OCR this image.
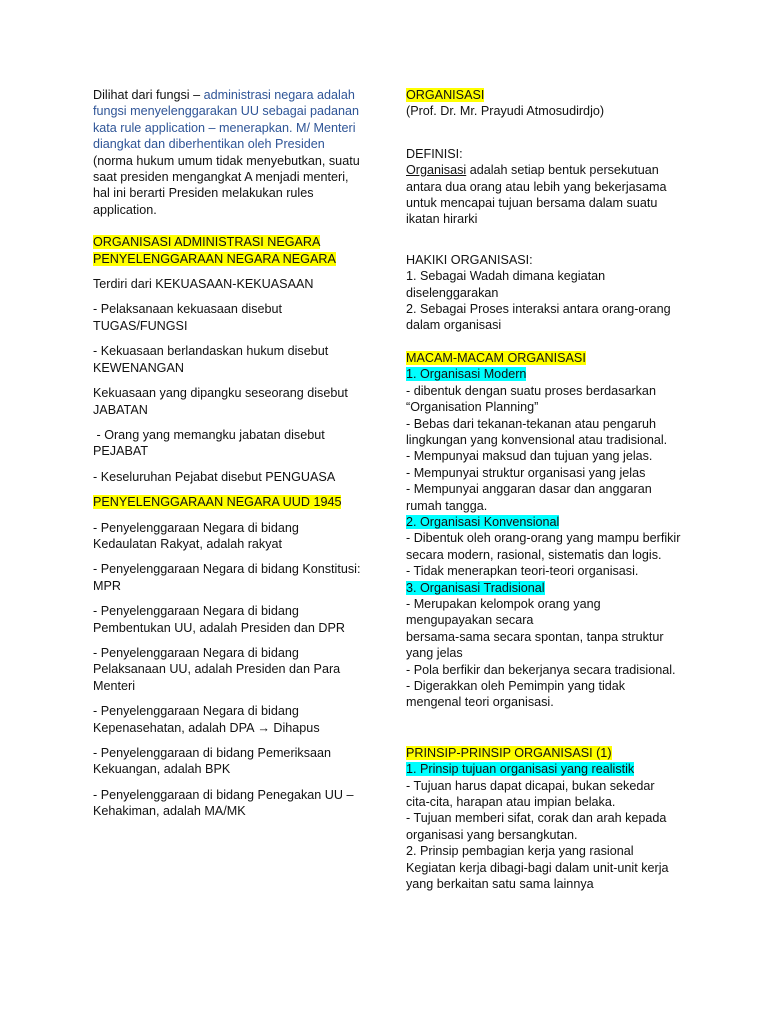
Dilihat dari fungsi – administrasi negara adalah fungsi menyelenggarakan UU sebagai padanan kata rule application – menerapkan. M/ Menteri diangkat dan diberhentikan oleh Presiden (norma hukum umum tidak menyebutkan, suatu saat presiden mengangkat A menjadi menteri, hal ini berarti Presiden melakukan rules application.

ORGANISASI ADMINISTRASI NEGARA
PENYELENGGARAAN NEGARA NEGARA

Terdiri dari KEKUASAAN-KEKUASAAN

- Pelaksanaan kekuasaan disebut TUGAS/FUNGSI

- Kekuasaan berlandaskan hukum disebut KEWENANGAN

Kekuasaan yang dipangku seseorang disebut JABATAN

- Orang yang memangku jabatan disebut PEJABAT

- Keseluruhan Pejabat disebut PENGUASA

PENYELENGGARAAN NEGARA UUD 1945

- Penyelenggaraan Negara di bidang Kedaulatan Rakyat, adalah rakyat

- Penyelenggaraan Negara di bidang Konstitusi: MPR

- Penyelenggaraan Negara di bidang Pembentukan UU, adalah Presiden dan DPR

- Penyelenggaraan Negara di bidang Pelaksanaan UU, adalah Presiden dan Para Menteri

- Penyelenggaraan Negara di bidang Kepenasehatan, adalah DPA → Dihapus

- Penyelenggaraan di bidang Pemeriksaan Kekuangan, adalah BPK

- Penyelenggaraan di bidang Penegakan UU – Kehakiman, adalah MA/MK

ORGANISASI

(Prof. Dr. Mr. Prayudi Atmosudirdjo)

DEFINISI:

Organisasi adalah setiap bentuk persekutuan antara dua orang atau lebih yang bekerjasama untuk mencapai tujuan bersama dalam suatu ikatan hirarki

HAKIKI ORGANISASI:

1. Sebagai Wadah dimana kegiatan diselenggarakan

2. Sebagai Proses interaksi antara orang-orang dalam organisasi

MACAM-MACAM ORGANISASI

1. Organisasi Modern

- dibentuk dengan suatu proses berdasarkan “Organisation Planning”

- Bebas dari tekanan-tekanan atau pengaruh lingkungan yang konvensional atau tradisional.

- Mempunyai maksud dan tujuan yang jelas.

- Mempunyai struktur organisasi yang jelas

- Mempunyai anggaran dasar dan anggaran rumah tangga.

2. Organisasi Konvensional

- Dibentuk oleh orang-orang yang mampu berfikir secara modern, rasional, sistematis dan logis.

- Tidak menerapkan teori-teori organisasi.

3. Organisasi Tradisional

- Merupakan kelompok orang yang mengupayakan secara

bersama-sama secara spontan, tanpa struktur yang jelas

- Pola berfikir dan bekerjanya secara tradisional.

- Digerakkan oleh Pemimpin yang tidak mengenal teori organisasi.

PRINSIP-PRINSIP ORGANISASI (1)

1. Prinsip tujuan organisasi yang realistik

- Tujuan harus dapat dicapai, bukan sekedar cita-cita, harapan atau impian belaka.

- Tujuan memberi sifat, corak dan arah kepada organisasi yang bersangkutan.

2. Prinsip pembagian kerja yang rasional

Kegiatan kerja dibagi-bagi dalam unit-unit kerja yang berkaitan satu sama lainnya
